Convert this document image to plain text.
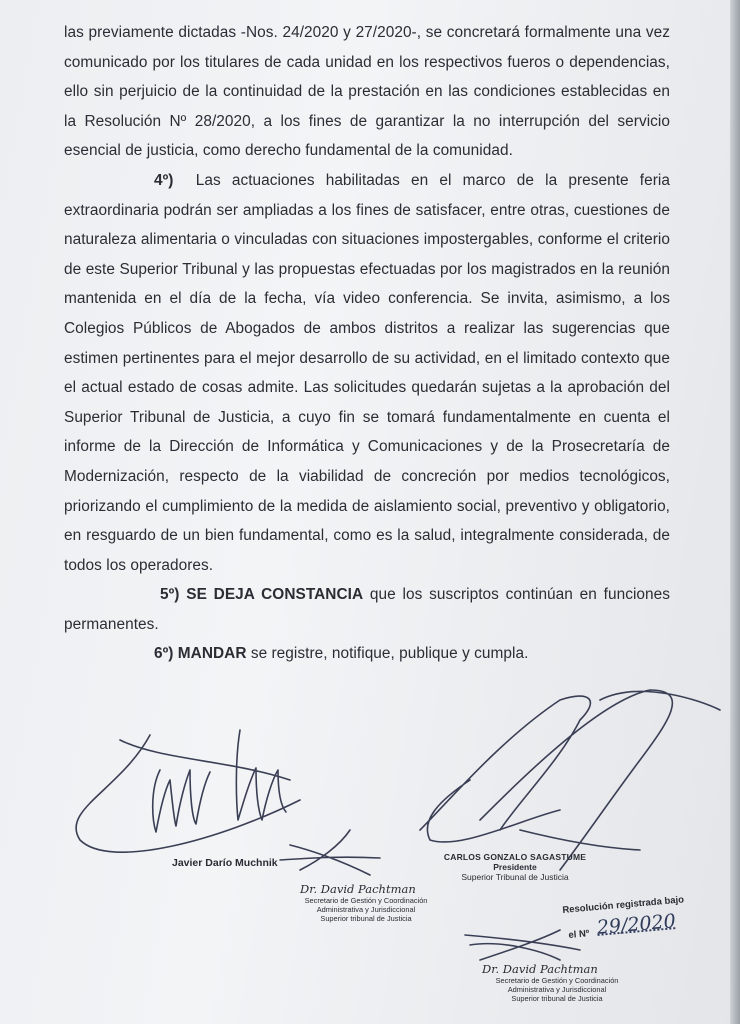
las previamente dictadas -Nos. 24/2020 y 27/2020-, se concretará formalmente una vez comunicado por los titulares de cada unidad en los respectivos fueros o dependencias, ello sin perjuicio de la continuidad de la prestación en las condiciones establecidas en la Resolución Nº 28/2020, a los fines de garantizar la no interrupción del servicio esencial de justicia, como derecho fundamental de la comunidad.

4º) Las actuaciones habilitadas en el marco de la presente feria extraordinaria podrán ser ampliadas a los fines de satisfacer, entre otras, cuestiones de naturaleza alimentaria o vinculadas con situaciones impostergables, conforme el criterio de este Superior Tribunal y las propuestas efectuadas por los magistrados en la reunión mantenida en el día de la fecha, vía video conferencia. Se invita, asimismo, a los Colegios Públicos de Abogados de ambos distritos a realizar las sugerencias que estimen pertinentes para el mejor desarrollo de su actividad, en el limitado contexto que el actual estado de cosas admite. Las solicitudes quedarán sujetas a la aprobación del Superior Tribunal de Justicia, a cuyo fin se tomará fundamentalmente en cuenta el informe de la Dirección de Informática y Comunicaciones y de la Prosecretaría de Modernización, respecto de la viabilidad de concreción por medios tecnológicos, priorizando el cumplimiento de la medida de aislamiento social, preventivo y obligatorio, en resguardo de un bien fundamental, como es la salud, integralmente considerada, de todos los operadores.

5º) SE DEJA CONSTANCIA que los suscriptos continúan en funciones permanentes.

6º) MANDAR se registre, notifique, publique y cumpla.

Javier Darío Muchnik
Dr. David Pachtman
Secretario de Gestión y Coordinación
Administrativa y Jurisdiccional
Superior tribunal de Justicia
CARLOS GONZALO SAGASTUME
Presidente
Superior Tribunal de Justicia
Resolución registrada bajo
el Nº 29/2020
Dr. David Pachtman
Secretario de Gestión y Coordinación
Administrativa y Jurisdiccional
Superior tribunal de Justicia
